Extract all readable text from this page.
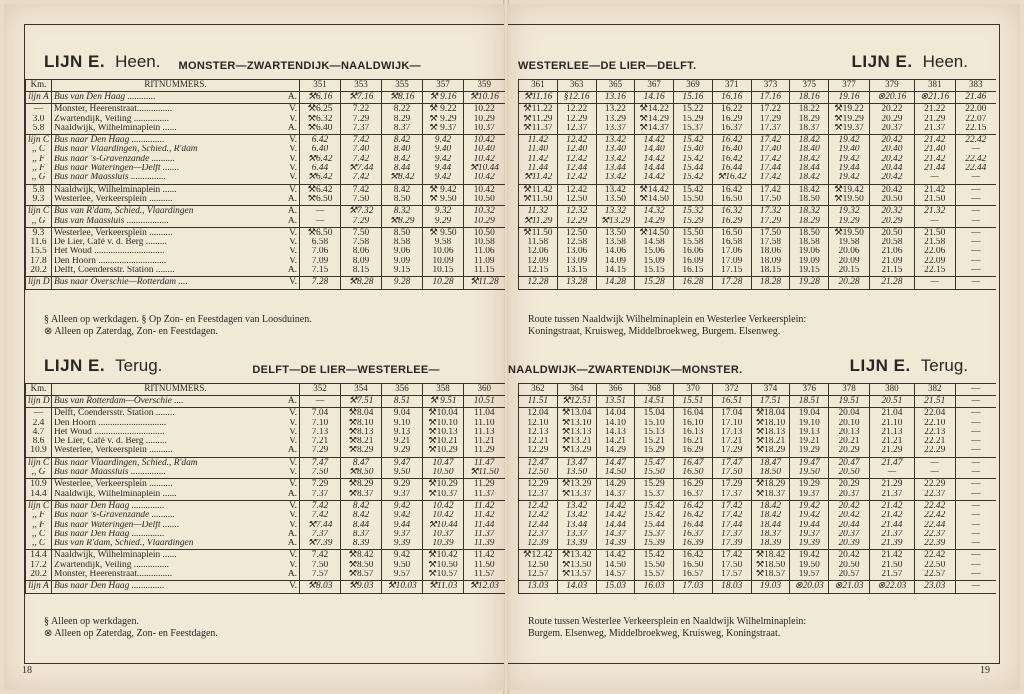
LIJN E. Heen. MONSTER—ZWARTENDIJK—NAALDWIJK—
Km.	RITNUMMERS.	351	353	355	357	359
lijn A	Bus van Den Haag ............ A.	⚒6.16	⚒7.16	⚒8.16	⚒ 9.16	⚒10.16
—	Monster, Heerenstraat............... V.	⚒6.25	7.22	8.22	⚒ 9.22	10.22
3.0	Zwartendijk, Veiling ............... V.	⚒6.32	7.29	8.29	⚒ 9.29	10.29
5.8	Naaldwijk, Wilhelminaplein ...... A.	⚒6.40	7.37	8.37	⚒ 9.37	10.37
lijn C	Bus naar Den Haag .............. V.	6.42	7.42	8.42	9.42	10.42
,, C	Bus naar Vlaardingen, Schied., R'dam V.	6.40	7.40	8.40	9.40	10.40
,, F	Bus naar 's-Gravenzande .......... V.	⚒6.42	7.42	8.42	9.42	10.42
,, F	Bus naar Wateringen—Delft ....... V.	6.44	⚒7.44	8.44	9.44	⚒10.44
,, G	Bus naar Maassluis ............... V.	⚒6.42	7.42	⚒8.42	9.42	10.42
5.8	Naaldwijk, Wilhelminaplein ...... V.	⚒6.42	7.42	8.42	⚒ 9.42	10.42
9.3	Westerlee, Verkeersplein .......... A.	⚒6.50	7.50	8.50	⚒ 9.50	10.50
lijn C	Bus van R'dam, Schied., Vlaardingen A.	—	⚒7.32	8.32	9.32	10.32
,, G	Bus van Maassluis .................. A.	—	7.29	⚒8.29	9.29	10.29
9.3	Westerlee, Verkeersplein .......... V.	⚒6.50	7.50	8.50	⚒ 9.50	10.50
11.6	De Lier, Café v. d. Berg ......... V.	6.58	7.58	8.58	9.58	10.58
15.5	Het Woud .............................. V.	7.06	8.06	9.06	10.06	11.06
17.8	Den Hoorn ............................. V.	7.09	8.09	9.09	10.09	11.09
20.2	Delft, Coendersstr. Station ........ A.	7.15	8.15	9.15	10.15	11.15
lijn D	Bus naar Overschie—Rotterdam .... V.	7.28	⚒8.28	9.28	10.28	⚒11.28
§ Alleen op werkdagen. § Op Zon- en Feestdagen van Loosduinen.
⊗ Alleen op Zaterdag, Zon- en Feestdagen.
LIJN E. Terug.	DELFT—DE LIER—WESTERLEE—
Km.	RITNUMMERS.	352	354	356	358	360
lijn D	Bus van Rotterdam—Overschie .... A.	—	⚒7.51	8.51	⚒ 9.51	10.51
—	Delft, Coendersstr. Station ........ V.	7.04	⚒8.04	9.04	⚒10.04	11.04
2.4	Den Hoorn ............................. V.	7.10	⚒8.10	9.10	⚒10.10	11.10
4.7	Het Woud .............................. V.	7.13	⚒8.13	9.13	⚒10.13	11.13
8.6	De Lier, Café v. d. Berg ......... V.	7.21	⚒8.21	9.21	⚒10.21	11.21
10.9	Westerlee, Verkeersplein .......... A.	7.29	⚒8.29	9.29	⚒10.29	11.29
lijn C	Bus naar Vlaardingen, Schied., R'dam V.	7.47	8.47	9.47	10.47	11.47
,, G	Bus naar Maassluis ............... V.	7.50	⚒8.50	9.50	10.50	⚒11.50
10.9	Westerlee, Verkeersplein .......... V.	7.29	⚒8.29	9.29	⚒10.29	11.29
14.4	Naaldwijk, Wilhelminaplein ...... A.	7.37	⚒8.37	9.37	⚒10.37	11.37
lijn C	Bus naar Den Haag .............. V.	7.42	8.42	9.42	10.42	11.42
,, F	Bus naar 's-Gravenzande .......... V.	7.42	8.42	9.42	10.42	11.42
,, F	Bus naar Wateringen—Delft ....... V.	⚒7.44	8.44	9.44	⚒10.44	11.44
,, C	Bus naar Den Haag .............. A.	7.37	8.37	9.37	10.37	11.37
,, C	Bus van R'dam, Schied., Vlaardingen A.	⚒7.39	8.39	9.39	10.39	11.39
14.4	Naaldwijk, Wilhelminaplein ...... V.	7.42	⚒8.42	9.42	⚒10.42	11.42
17.2	Zwartendijk, Veiling ............... V.	7.50	⚒8.50	9.50	⚒10.50	11.50
20.2	Monster, Heerenstraat............... A.	7.57	⚒8.57	9.57	⚒10.57	11.57
lijn A	Bus naar Den Haag .............. V.	⚒8.03	⚒9.03	⚒10.03	⚒11.03	⚒12.03
§ Alleen op werkdagen.
⊗ Alleen op Zaterdag, Zon- en Feestdagen.
18
WESTERLEE—DE LIER—DELFT.	LIJN E. Heen.
361	363	365	367	369	371	373	375	377	379	381	383
⚒11.16	§12.16	13.16	14.16	15.16	16.16	17.16	18.16	19.16	⊗20.16	⊗21.16	21.46
⚒11.22	12.22	13.22	⚒14.22	15.22	16.22	17.22	18.22	⚒19.22	20.22	21.22	22.00
⚒11.29	12.29	13.29	⚒14.29	15.29	16.29	17.29	18.29	⚒19.29	20.29	21.29	22.07
⚒11.37	12.37	13.37	⚒14.37	15.37	16.37	17.37	18.37	⚒19.37	20.37	21.37	22.15
11.42	12.42	13.42	14.42	15.42	16.42	17.42	18.42	19.42	20.42	21.42	22.42
11.40	12.40	13.40	14.40	15.40	16.40	17.40	18.40	19.40	20.40	21.40	—
11.42	12.42	13.42	14.42	15.42	16.42	17.42	18.42	19.42	20.42	21.42	22.42
11.44	12.44	13.44	14.44	15.44	16.44	17.44	18.44	19.44	20.44	21.44	22.44
⚒11.42	12.42	13.42	14.42	15.42	⚒16.42	17.42	18.42	19.42	20.42	—	—
⚒11.42	12.42	13.42	⚒14.42	15.42	16.42	17.42	18.42	⚒19.42	20.42	21.42	—
⚒11.50	12.50	13.50	⚒14.50	15.50	16.50	17.50	18.50	⚒19.50	20.50	21.50	—
11.32	12.32	13.32	14.32	15.32	16.32	17.32	18.32	19.32	20.32	21.32	—
⚒11.29	12.29	⚒13.29	14.29	15.29	16.29	17.29	18.29	19.29	20.29	—	—
⚒11.50	12.50	13.50	⚒14.50	15.50	16.50	17.50	18.50	⚒19.50	20.50	21.50	—
11.58	12.58	13.58	14.58	15.58	16.58	17.58	18.58	19.58	20.58	21.58	—
12.06	13.06	14.06	15.06	16.06	17.06	18.06	19.06	20.06	21.06	22.06	—
12.09	13.09	14.09	15.09	16.09	17.09	18.09	19.09	20.09	21.09	22.09	—
12.15	13.15	14.15	15.15	16.15	17.15	18.15	19.15	20.15	21.15	22.15	—
12.28	13.28	14.28	15.28	16.28	17.28	18.28	19.28	20.28	21.28	—	—
Route tussen Naaldwijk Wilhelminaplein en Westerlee Verkeersplein:
Koningstraat, Kruisweg, Middelbroekweg, Burgem. Elsenweg.
NAALDWIJK—ZWARTENDIJK—MONSTER.	LIJN E. Terug.
362	364	366	368	370	372	374	376	378	380	382	—
11.51	⚒12.51	13.51	14.51	15.51	16.51	17.51	18.51	19.51	20.51	21.51	—
12.04	⚒13.04	14.04	15.04	16.04	17.04	⚒18.04	19.04	20.04	21.04	22.04	—
12.10	⚒13.10	14.10	15.10	16.10	17.10	⚒18.10	19.10	20.10	21.10	22.10	—
12.13	⚒13.13	14.13	15.13	16.13	17.13	⚒18.13	19.13	20.13	21.13	22.13	—
12.21	⚒13.21	14.21	15.21	16.21	17.21	⚒18.21	19.21	20.21	21.21	22.21	—
12.29	⚒13.29	14.29	15.29	16.29	17.29	⚒18.29	19.29	20.29	21.29	22.29	—
12.47	13.47	14.47	15.47	16.47	17.47	18.47	19.47	20.47	21.47	—	—
12.50	13.50	14.50	15.50	16.50	17.50	18.50	19.50	20.50	—	—	—
12.29	⚒13.29	14.29	15.29	16.29	17.29	⚒18.29	19.29	20.29	21.29	22.29	—
12.37	⚒13.37	14.37	15.37	16.37	17.37	⚒18.37	19.37	20.37	21.37	22.37	—
12.42	13.42	14.42	15.42	16.42	17.42	18.42	19.42	20.42	21.42	22.42	—
12.42	13.42	14.42	15.42	16.42	17.42	18.42	19.42	20.42	21.42	22.42	—
12.44	13.44	14.44	15.44	16.44	17.44	18.44	19.44	20.44	21.44	22.44	—
12.37	13.37	14.37	15.37	16.37	17.37	18.37	19.37	20.37	21.37	22.37	—
12.39	13.39	14.39	15.39	16.39	17.39	18.39	19.39	20.39	21.39	22.39	—
⚒12.42	⚒13.42	14.42	15.42	16.42	17.42	⚒18.42	19.42	20.42	21.42	22.42	—
12.50	⚒13.50	14.50	15.50	16.50	17.50	⚒18.50	19.50	20.50	21.50	22.50	—
12.57	⚒13.57	14.57	15.57	16.57	17.57	⚒18.57	19.57	20.57	21.57	22.57	—
13.03	14.03	15.03	16.03	17.03	18.03	19.03	⊗20.03	⊗21.03	⊗22.03	23.03	—
Route tussen Westerlee Verkeersplein en Naaldwijk Wilhelminaplein:
Burgem. Elsenweg, Middelbroekweg, Kruisweg, Koningstraat.
19
